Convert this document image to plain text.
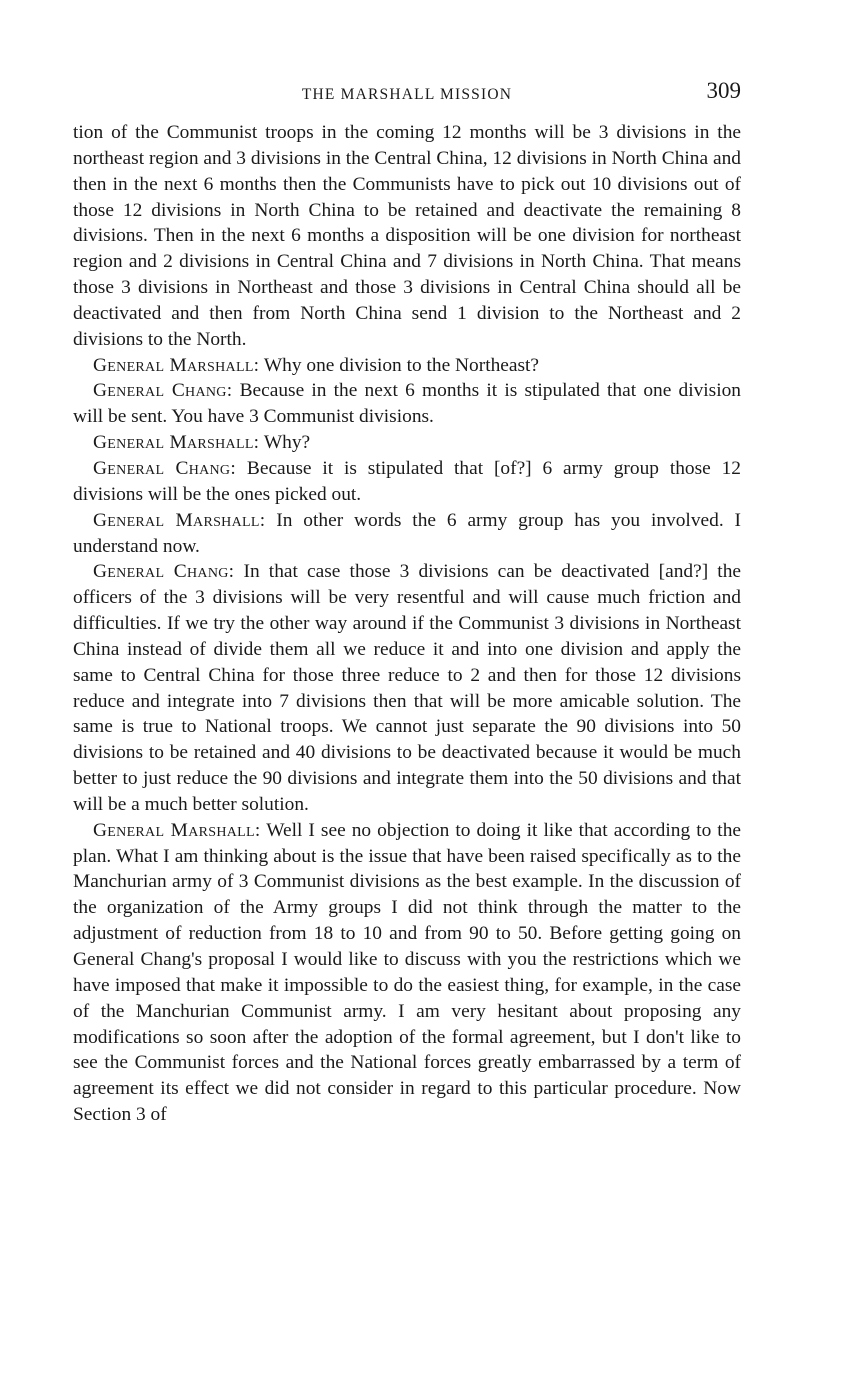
THE MARSHALL MISSION	309

tion of the Communist troops in the coming 12 months will be 3 divisions in the northeast region and 3 divisions in the Central China, 12 divisions in North China and then in the next 6 months then the Communists have to pick out 10 divisions out of those 12 divisions in North China to be retained and deactivate the remaining 8 divisions. Then in the next 6 months a disposition will be one division for northeast region and 2 divisions in Central China and 7 divisions in North China. That means those 3 divisions in Northeast and those 3 divisions in Central China should all be deactivated and then from North China send 1 division to the Northeast and 2 divisions to the North.

General Marshall: Why one division to the Northeast?

General Chang: Because in the next 6 months it is stipulated that one division will be sent. You have 3 Communist divisions.

General Marshall: Why?

General Chang: Because it is stipulated that [of?] 6 army group those 12 divisions will be the ones picked out.

General Marshall: In other words the 6 army group has you involved. I understand now.

General Chang: In that case those 3 divisions can be deactivated [and?] the officers of the 3 divisions will be very resentful and will cause much friction and difficulties. If we try the other way around if the Communist 3 divisions in Northeast China instead of divide them all we reduce it and into one division and apply the same to Central China for those three reduce to 2 and then for those 12 divisions reduce and integrate into 7 divisions then that will be more amicable solution. The same is true to National troops. We cannot just separate the 90 divisions into 50 divisions to be retained and 40 divisions to be deactivated because it would be much better to just reduce the 90 divisions and integrate them into the 50 divisions and that will be a much better solution.

General Marshall: Well I see no objection to doing it like that according to the plan. What I am thinking about is the issue that have been raised specifically as to the Manchurian army of 3 Communist divisions as the best example. In the discussion of the organization of the Army groups I did not think through the matter to the adjustment of reduction from 18 to 10 and from 90 to 50. Before getting going on General Chang's proposal I would like to discuss with you the restrictions which we have imposed that make it impossible to do the easiest thing, for example, in the case of the Manchurian Communist army. I am very hesitant about proposing any modifications so soon after the adoption of the formal agreement, but I don't like to see the Communist forces and the National forces greatly embarrassed by a term of agreement its effect we did not consider in regard to this particular procedure. Now Section 3 of
